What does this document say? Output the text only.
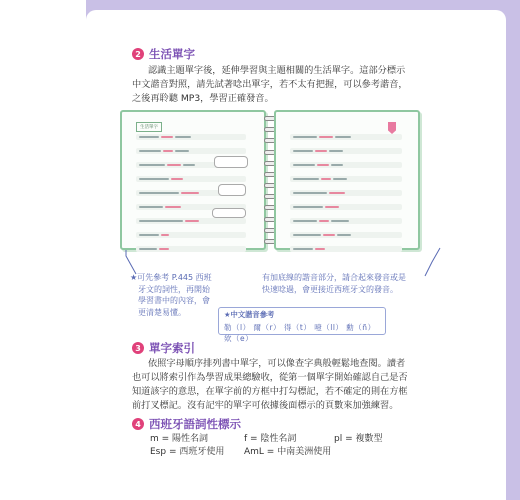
2 生活單字
認識主題單字後，延伸學習與主題相關的生活單字。這部分標示
中文諧音對照，請先試著唸出單字，若不太有把握，可以參考諧音，
之後再聆聽 MP3，學習正確發音。
生活單字
★可先參考 P.445 西班
牙文的詞性，再開始
學習書中的內容，會
更清楚易懂。
有加底線的諧音部分，請合起來發音或是
快速唸過，會更接近西班牙文的發音。
★中文諧音參考
勒（l） 爾（r） 得（t） 噎（ll） 勳（ñ） 欸（e）
3 單字索引
依照字母順序排列書中單字，可以像查字典般輕鬆地查閱。讀者
也可以將索引作為學習成果總驗收，從第一個單字開始確認自己是否
知道該字的意思，在單字前的方框中打勾標記，若不確定的則在方框
前打叉標記。沒有記牢的單字可依據後面標示的頁數來加強練習。
4 西班牙語詞性標示
m = 陽性名詞	f = 陰性名詞	pl = 複數型
Esp = 西班牙使用	AmL = 中南美洲使用
